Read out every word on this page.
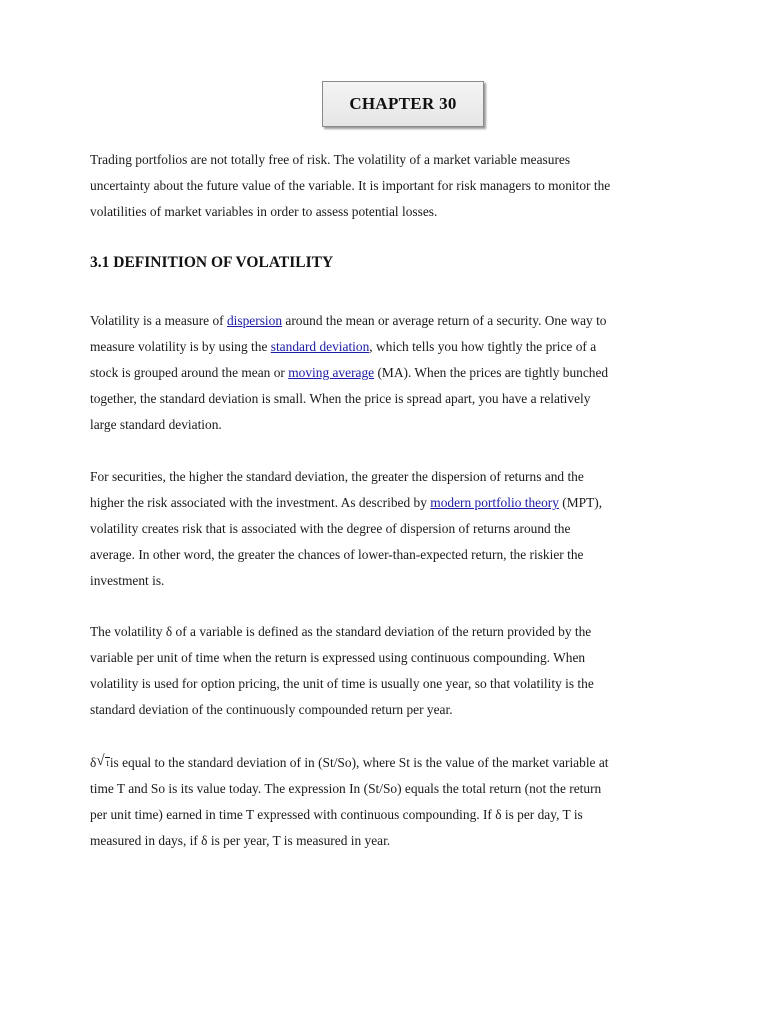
CHAPTER 30

Trading portfolios are not totally free of risk. The volatility of a market variable measures
uncertainty about the future value of the variable. It is important for risk managers to monitor the
volatilities of market variables in order to assess potential losses.

3.1 DEFINITION OF VOLATILITY

Volatility is a measure of dispersion around the mean or average return of a security. One way to
measure volatility is by using the standard deviation, which tells you how tightly the price of a
stock is grouped around the mean or moving average (MA). When the prices are tightly bunched
together, the standard deviation is small. When the price is spread apart, you have a relatively
large standard deviation.

For securities, the higher the standard deviation, the greater the dispersion of returns and the
higher the risk associated with the investment. As described by modern portfolio theory (MPT),
volatility creates risk that is associated with the degree of dispersion of returns around the
average. In other word, the greater the chances of lower-than-expected return, the riskier the
investment is.

The volatility δ of a variable is defined as the standard deviation of the return provided by the
variable per unit of time when the return is expressed using continuous compounding. When
volatility is used for option pricing, the unit of time is usually one year, so that volatility is the
standard deviation of the continuously compounded return per year.

δ √ tis equal to the standard deviation of in (St/So), where St is the value of the market variable at
time T and So is its value today. The expression In (St/So) equals the total return (not the return
per unit time) earned in time T expressed with continuous compounding. If δ is per day, T is
measured in days, if δ is per year, T is measured in year.
